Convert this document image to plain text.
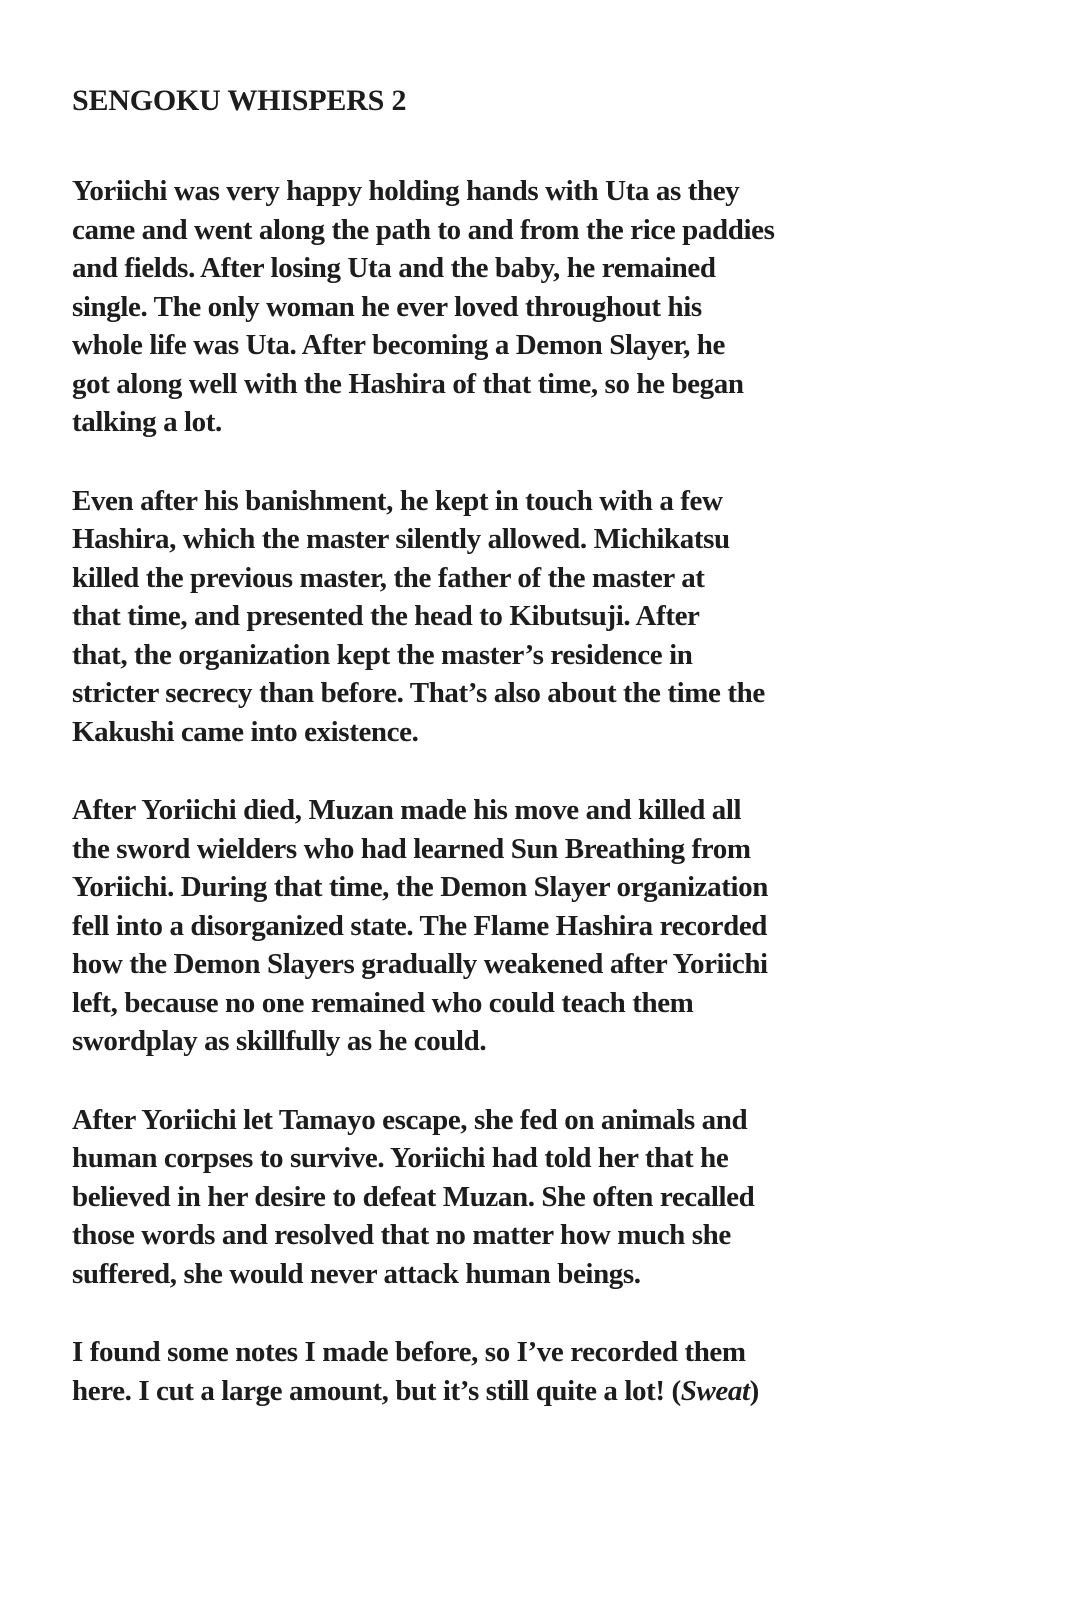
SENGOKU WHISPERS 2

Yoriichi was very happy holding hands with Uta as they
came and went along the path to and from the rice paddies
and fields. After losing Uta and the baby, he remained
single. The only woman he ever loved throughout his
whole life was Uta. After becoming a Demon Slayer, he
got along well with the Hashira of that time, so he began
talking a lot.

Even after his banishment, he kept in touch with a few
Hashira, which the master silently allowed. Michikatsu
killed the previous master, the father of the master at
that time, and presented the head to Kibutsuji. After
that, the organization kept the master’s residence in
stricter secrecy than before. That’s also about the time the
Kakushi came into existence.

After Yoriichi died, Muzan made his move and killed all
the sword wielders who had learned Sun Breathing from
Yoriichi. During that time, the Demon Slayer organization
fell into a disorganized state. The Flame Hashira recorded
how the Demon Slayers gradually weakened after Yoriichi
left, because no one remained who could teach them
swordplay as skillfully as he could.

After Yoriichi let Tamayo escape, she fed on animals and
human corpses to survive. Yoriichi had told her that he
believed in her desire to defeat Muzan. She often recalled
those words and resolved that no matter how much she
suffered, she would never attack human beings.

I found some notes I made before, so I’ve recorded them
here. I cut a large amount, but it’s still quite a lot! (Sweat)
